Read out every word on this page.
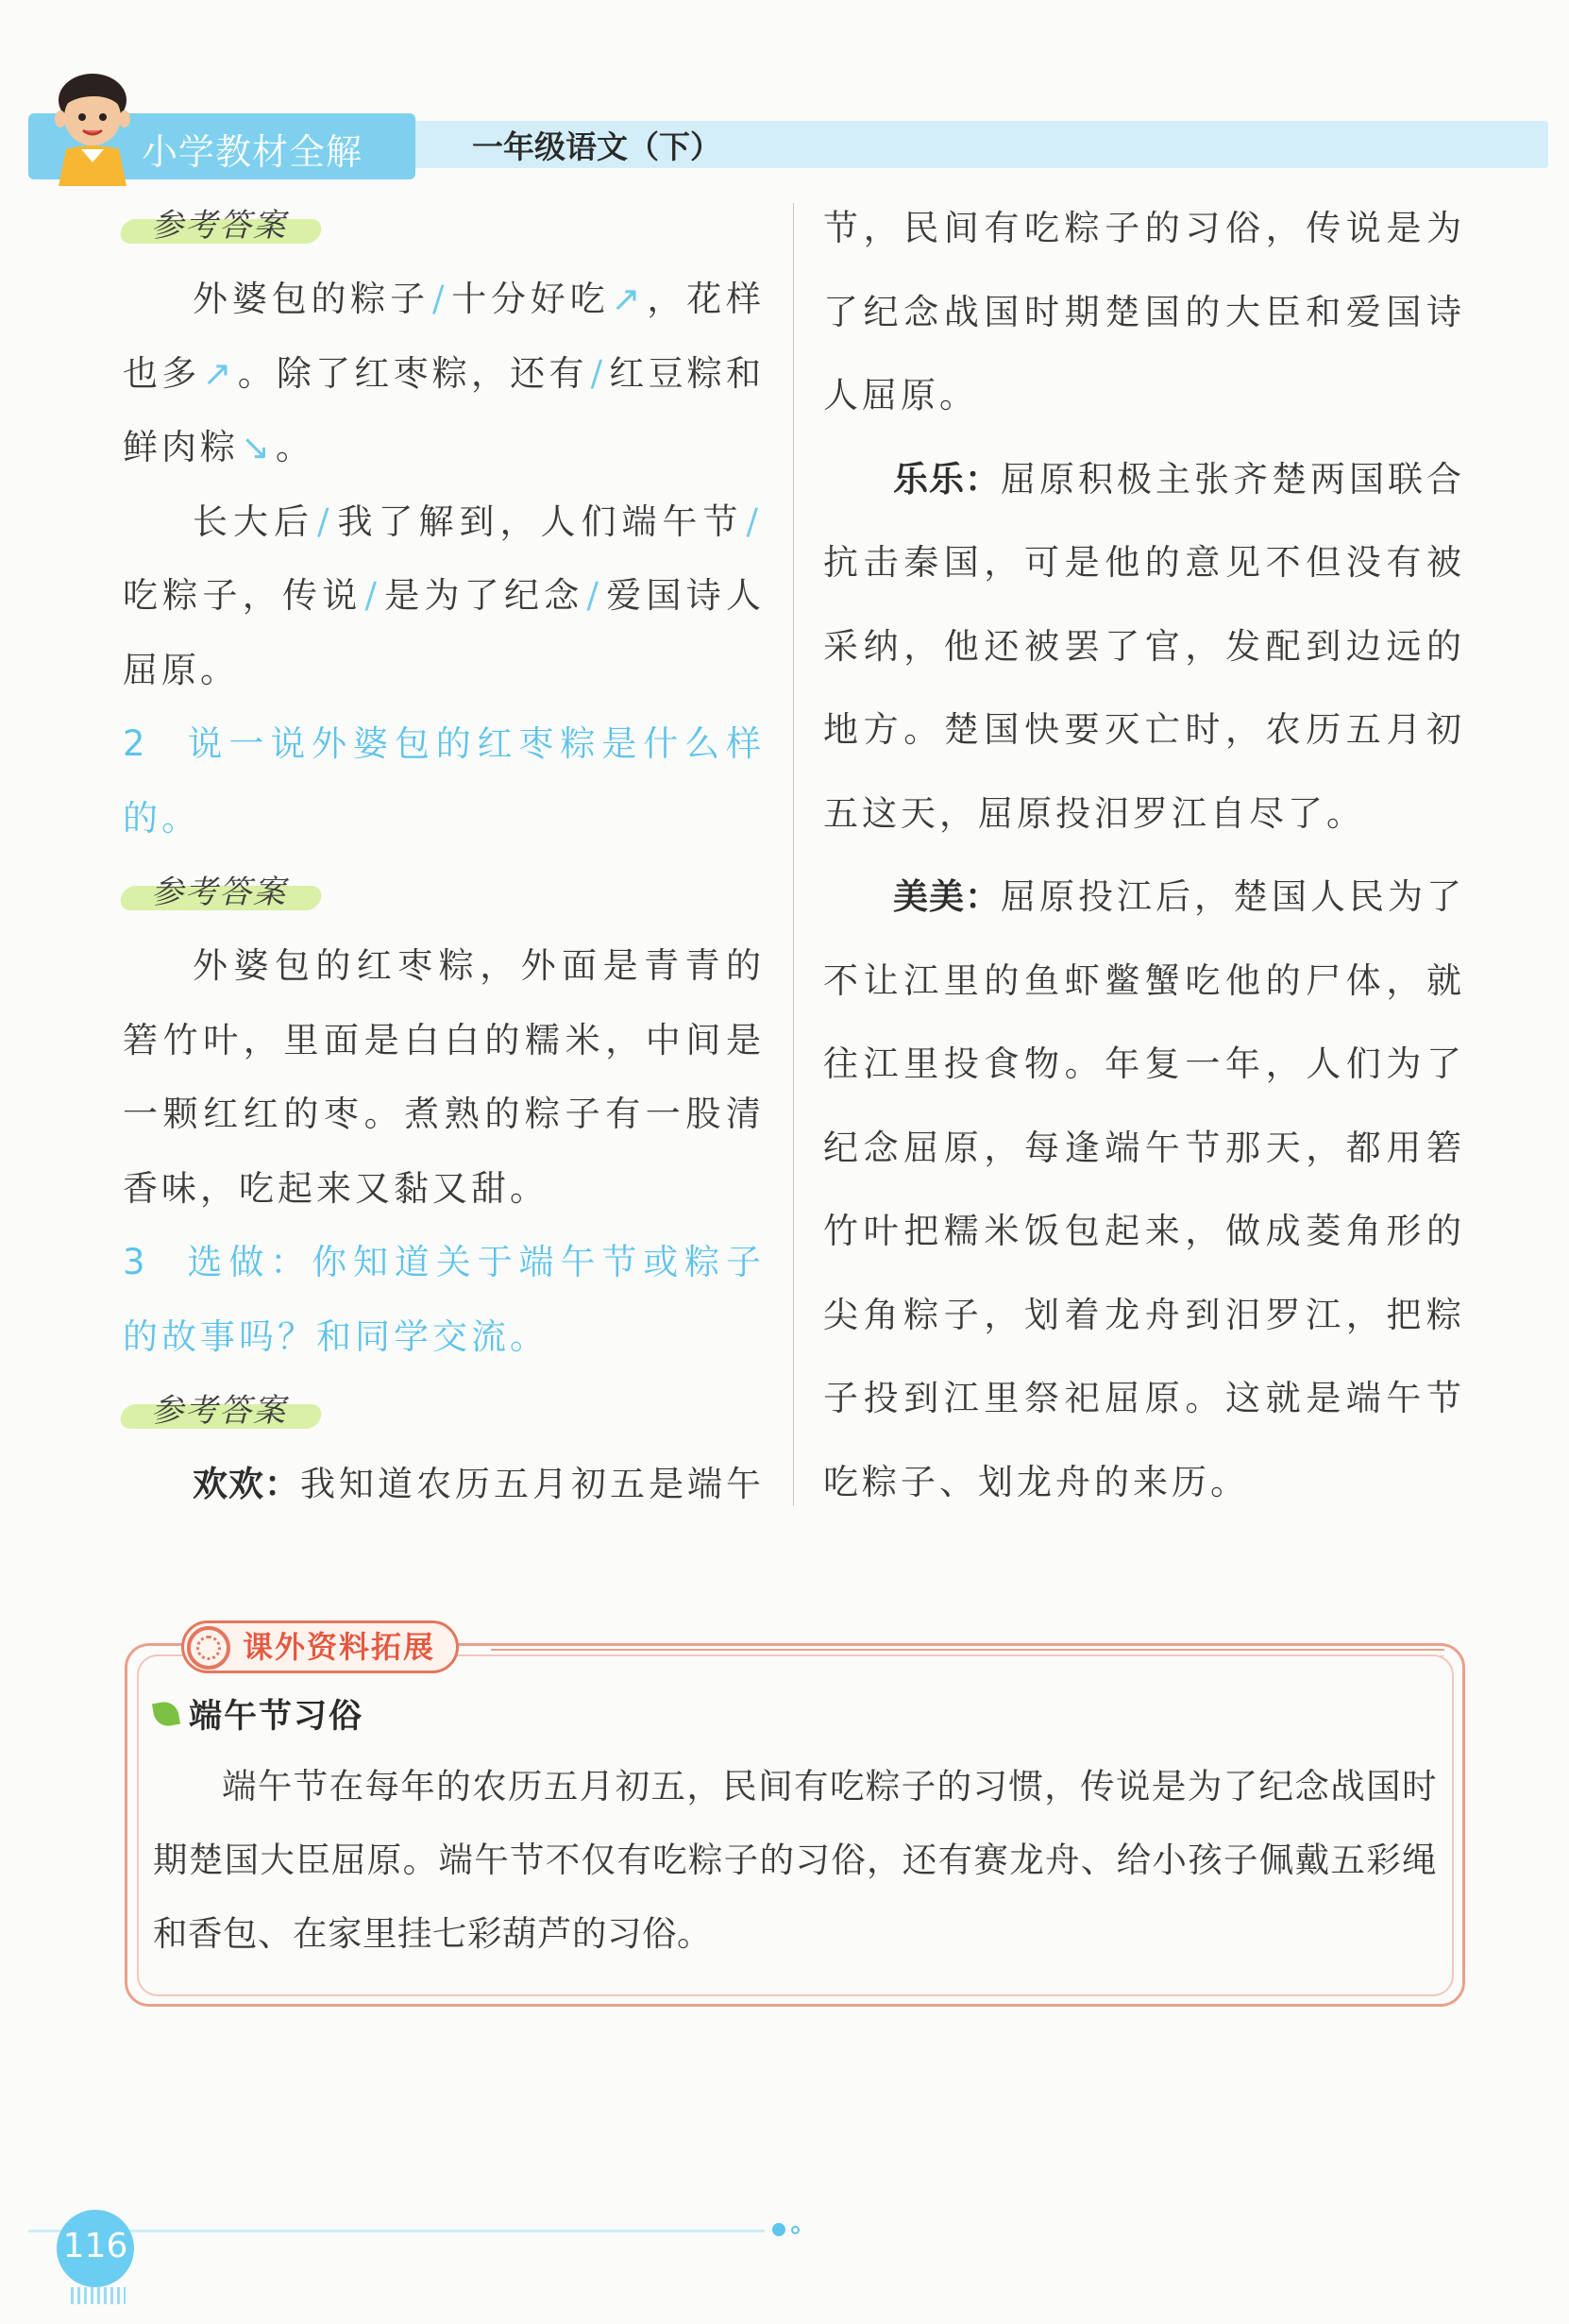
小学教材全解	一年级语文（下）
参考答案

外婆包的粽子/十分好吃↗，花样也多↗。除了红枣粽，还有/红豆粽和鲜肉粽↘。

长大后/我了解到，人们端午节/吃粽子，传说/是为了纪念/爱国诗人屈原。

2 说一说外婆包的红枣粽是什么样的。

参考答案

外婆包的红枣粽，外面是青青的箬竹叶，里面是白白的糯米，中间是一颗红红的枣。煮熟的粽子有一股清香味，吃起来又黏又甜。

3 选做：你知道关于端午节或粽子的故事吗？和同学交流。

参考答案

欢欢：我知道农历五月初五是端午

节，民间有吃粽子的习俗，传说是为了纪念战国时期楚国的大臣和爱国诗人屈原。

乐乐：屈原积极主张齐楚两国联合抗击秦国，可是他的意见不但没有被采纳，他还被罢了官，发配到边远的地方。楚国快要灭亡时，农历五月初五这天，屈原投汨罗江自尽了。

美美：屈原投江后，楚国人民为了不让江里的鱼虾鳖蟹吃他的尸体，就往江里投食物。年复一年，人们为了纪念屈原，每逢端午节那天，都用箬竹叶把糯米饭包起来，做成菱角形的尖角粽子，划着龙舟到汨罗江，把粽子投到江里祭祀屈原。这就是端午节吃粽子、划龙舟的来历。

课外资料拓展
端午节习俗

端午节在每年的农历五月初五，民间有吃粽子的习惯，传说是为了纪念战国时期楚国大臣屈原。端午节不仅有吃粽子的习俗，还有赛龙舟、给小孩子佩戴五彩绳和香包、在家里挂七彩葫芦的习俗。

116
